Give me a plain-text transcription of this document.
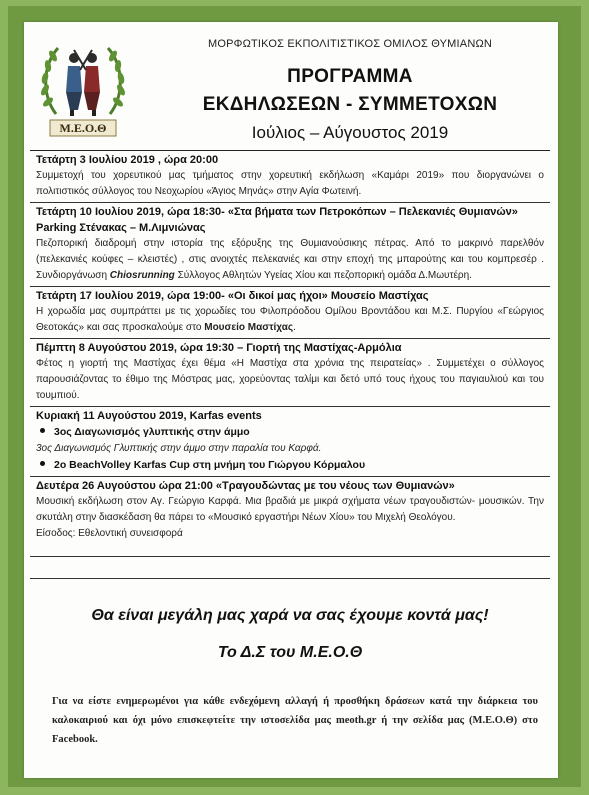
Μ.Ε.Ο.Θ
ΜΟΡΦΩΤΙΚΟΣ ΕΚΠΟΛΙΤΙΣΤΙΚΟΣ ΟΜΙΛΟΣ ΘΥΜΙΑΝΩΝ
ΠΡΟΓΡΑΜΜΑ
ΕΚΔΗΛΩΣΕΩΝ - ΣΥΜΜΕΤΟΧΩΝ
Ιούλιος – Αύγουστος 2019
Τετάρτη 3 Ιουλίου 2019 , ώρα 20:00
Συμμετοχή του χορευτικού μας τμήματος στην χορευτική εκδήλωση «Καμάρι 2019» που διοργανώνει ο πολιτιστικός σύλλογος του Νεοχωρίου «Άγιος Μηνάς» στην Αγία Φωτεινή.
Τετάρτη 10 Ιουλίου 2019, ώρα 18:30- «Στα βήματα των Πετροκόπων – Πελεκανιές Θυμιανών» Parking Στένακας – Μ.Λιμνιώνας
Πεζοπορική διαδρομή στην ιστορία της εξόρυξης της Θυμιανούσικης πέτρας. Από το μακρινό παρελθόν (πελεκανιές κούφες – κλειστές) , στις ανοιχτές πελεκανιές και στην εποχή της μπαρούτης και του κομπρεσέρ . Συνδιοργάνωση Chiosrunning Σύλλογος Αθλητών Υγείας Χίου και πεζοπορική ομάδα Δ.Μωυτέρη.
Τετάρτη 17 Ιουλίου 2019, ώρα 19:00- «Οι δικοί μας ήχοι» Μουσείο Μαστίχας
Η χορωδία μας συμπράττει με τις χορωδίες του Φιλοπρόοδου Ομίλου Βροντάδου και Μ.Σ. Πυργίου «Γεώργιος Θεοτοκάς» και σας προσκαλούμε στο Μουσείο Μαστίχας.
Πέμπτη 8 Αυγούστου 2019, ώρα 19:30 – Γιορτή της Μαστίχας-Αρμόλια
Φέτος η γιορτή της Μαστίχας έχει θέμα «Η Μαστίχα στα χρόνια της πειρατείας» . Συμμετέχει ο σύλλογος παρουσιάζοντας το έθιμο της Μόστρας μας, χορεύοντας ταλίμι και δετό υπό τους ήχους του παγιαυλιού και του τουμπιού.
Κυριακή 11 Αυγούστου 2019, Karfas events
3ος Διαγωνισμός γλυπτικής στην άμμο
3ος Διαγωνισμός Γλυπτικής στην άμμο στην παραλία του Καρφά.
2ο BeachVolley Karfas Cup στη μνήμη του Γιώργου Κόρμαλου
Δευτέρα 26 Αυγούστου ώρα 21:00 «Τραγουδώντας με του νέους των Θυμιανών»
Μουσική εκδήλωση στον Αγ. Γεώργιο Καρφά. Μια βραδιά με μικρά σχήματα νέων τραγουδιστών- μουσικών. Την σκυτάλη στην διασκέδαση θα πάρει το «Μουσικό εργαστήρι Νέων Χίου» του Μιχελή Θεολόγου.
Είσοδος: Εθελοντική συνεισφορά
Θα είναι μεγάλη μας χαρά να σας έχουμε κοντά μας!
Το Δ.Σ του Μ.Ε.Ο.Θ
Για να είστε ενημερωμένοι για κάθε ενδεχόμενη αλλαγή ή προσθήκη δράσεων κατά την διάρκεια του καλοκαιριού και όχι μόνο επισκεφτείτε την ιστοσελίδα μας meoth.gr ή την σελίδα μας (Μ.Ε.Ο.Θ) στο Facebook.
